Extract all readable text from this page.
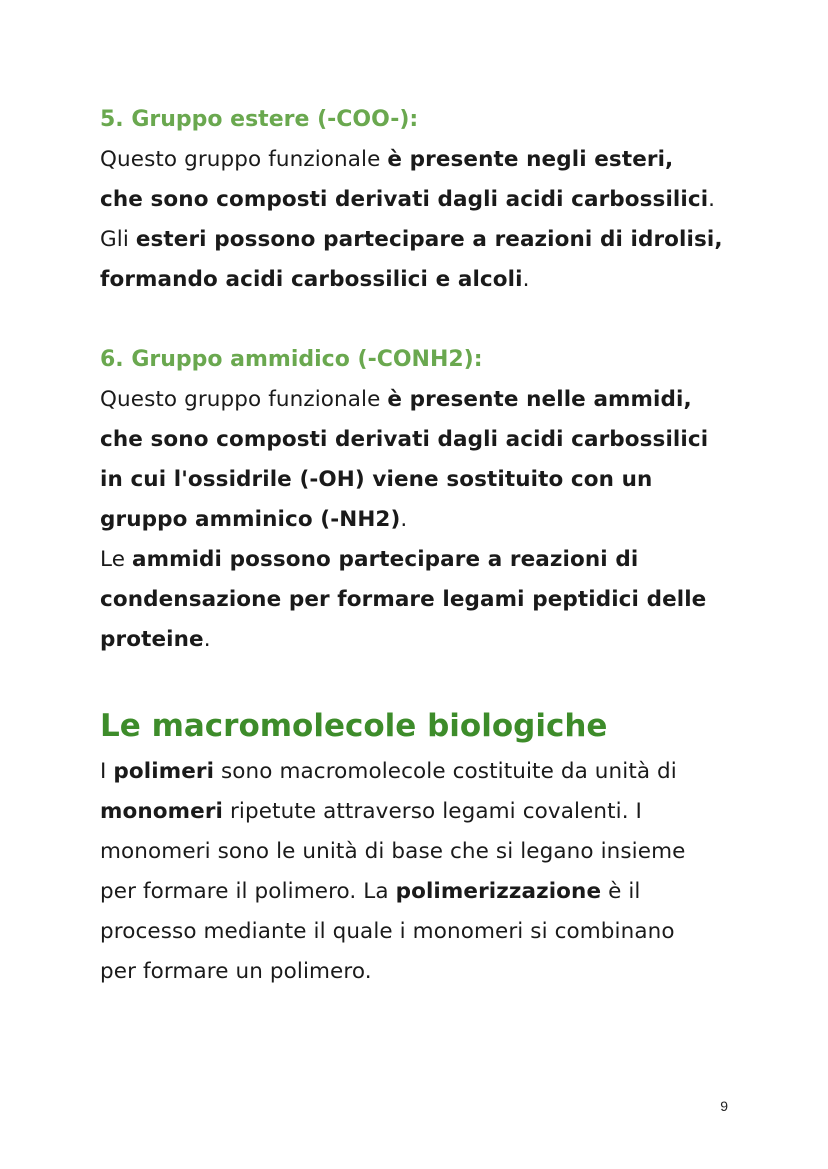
5. Gruppo estere (-COO-):

Questo gruppo funzionale è presente negli esteri,
che sono composti derivati dagli acidi carbossilici.
Gli esteri possono partecipare a reazioni di idrolisi,
formando acidi carbossilici e alcoli.

6. Gruppo ammidico (-CONH2):

Questo gruppo funzionale è presente nelle ammidi,
che sono composti derivati dagli acidi carbossilici
in cui l'ossidrile (-OH) viene sostituito con un
gruppo amminico (-NH2).
Le ammidi possono partecipare a reazioni di
condensazione per formare legami peptidici delle
proteine.

Le macromolecole biologiche

I polimeri sono macromolecole costituite da unità di
monomeri ripetute attraverso legami covalenti. I
monomeri sono le unità di base che si legano insieme
per formare il polimero. La polimerizzazione è il
processo mediante il quale i monomeri si combinano
per formare un polimero.

9
